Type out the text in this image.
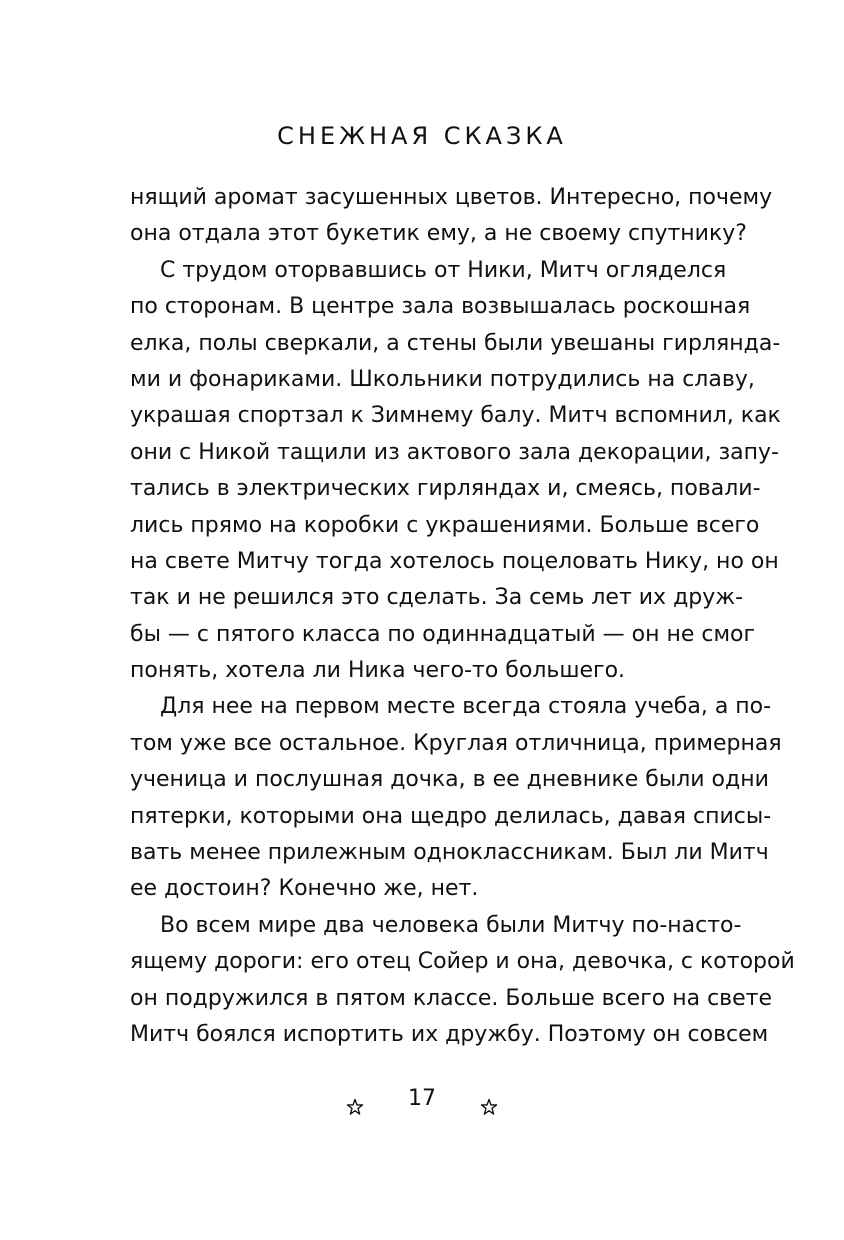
СНЕЖНАЯ СКАЗКА
нящий аромат засушенных цветов. Интересно, почему
она отдала этот букетик ему, а не своему спутнику?
С трудом оторвавшись от Ники, Митч огляделся
по сторонам. В центре зала возвышалась роскошная
елка, полы сверкали, а стены были увешаны гирлянда-
ми и фонариками. Школьники потрудились на славу,
украшая спортзал к Зимнему балу. Митч вспомнил, как
они с Никой тащили из актового зала декорации, запу-
тались в электрических гирляндах и, смеясь, повали-
лись прямо на коробки с украшениями. Больше всего
на свете Митчу тогда хотелось поцеловать Нику, но он
так и не решился это сделать. За семь лет их друж-
бы — с пятого класса по одиннадцатый — он не смог
понять, хотела ли Ника чего-то большего.
Для нее на первом месте всегда стояла учеба, а по-
том уже все остальное. Круглая отличница, примерная
ученица и послушная дочка, в ее дневнике были одни
пятерки, которыми она щедро делилась, давая списы-
вать менее прилежным одноклассникам. Был ли Митч
ее достоин? Конечно же, нет.
Во всем мире два человека были Митчу по-насто-
ящему дороги: его отец Сойер и она, девочка, с которой
он подружился в пятом классе. Больше всего на свете
Митч боялся испортить их дружбу. Поэтому он совсем
17
